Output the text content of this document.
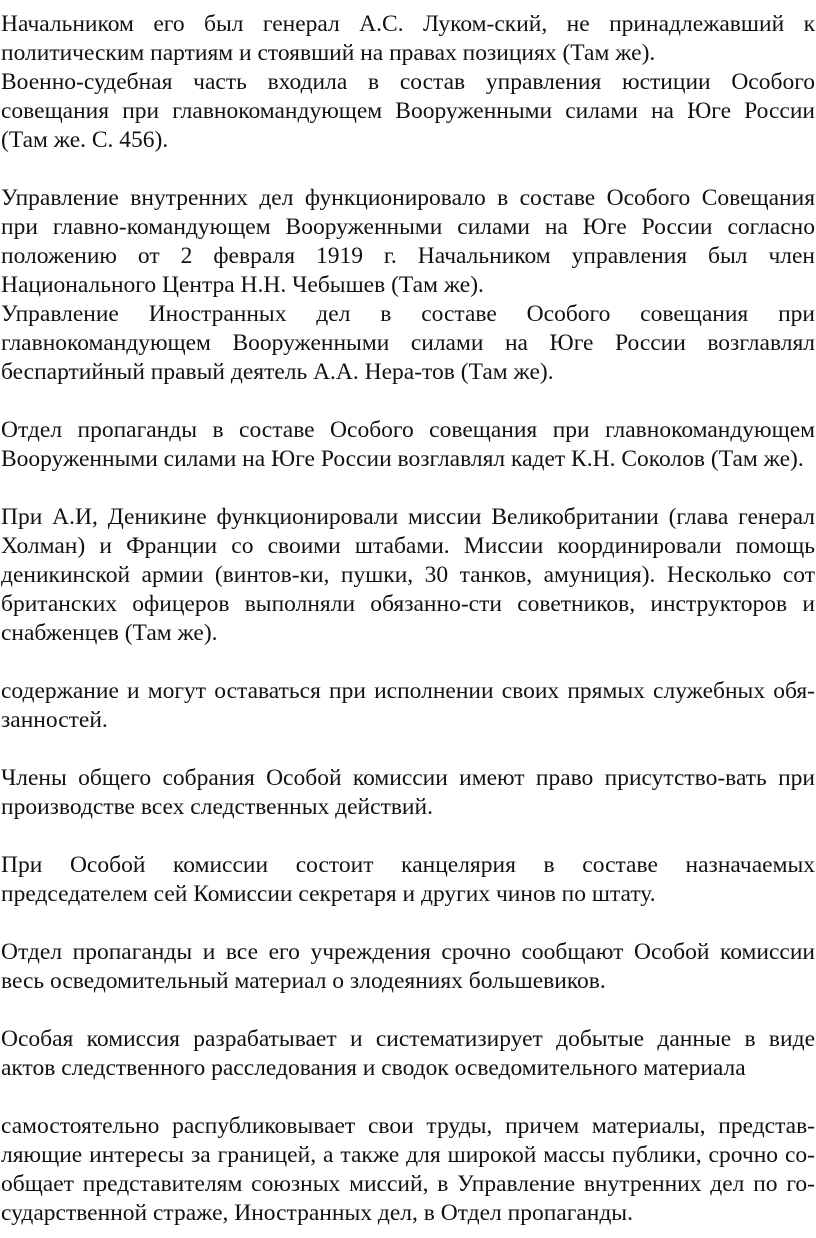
Начальником его был генерал А.С. Луком-ский, не принадлежавший к политическим партиям и стоявший на правах позициях (Там же).

Военно-судебная часть входила в состав управления юстиции Особого совещания при главнокомандующем Вооруженными силами на Юге России (Там же. С. 456).

Управление внутренних дел функционировало в составе Особого Совещания при главно-командующем Вооруженными силами на Юге России согласно положению от 2 февраля 1919 г. Начальником управления был член Национального Центра Н.Н. Чебышев (Там же).

Управление Иностранных дел в составе Особого совещания при главнокомандующем Вооруженными силами на Юге России возглавлял беспартийный правый деятель А.А. Нера-тов (Там же).

Отдел пропаганды в составе Особого совещания при главнокомандующем Вооруженными силами на Юге России возглавлял кадет К.Н. Соколов (Там же).

При А.И, Деникине функционировали миссии Великобритании (глава генерал Холман) и Франции со своими штабами. Миссии координировали помощь деникинской армии (винтов-ки, пушки, 30 танков, амуниция). Несколько сот британских офицеров выполняли обязанно-сти советников, инструкторов и снабженцев (Там же).

содержание и могут оставаться при исполнении своих прямых служебных обя-занностей.

Члены общего собрания Особой комиссии имеют право присутство-вать при производстве всех следственных действий.

При Особой комиссии состоит канцелярия в составе назначаемых председателем сей Комиссии секретаря и других чинов по штату.

Отдел пропаганды и все его учреждения срочно сообщают Особой комиссии весь осведомительный материал о злодеяниях большевиков.

Особая комиссия разрабатывает и систематизирует добытые данные в виде актов следственного расследования и сводок осведомительного материала

самостоятельно распубликовывает свои труды, причем материалы, представ-ляющие интересы за границей, а также для широкой массы публики, срочно со-общает представителям союзных миссий, в Управление внутренних дел по го-сударственной страже, Иностранных дел, в Отдел пропаганды.
